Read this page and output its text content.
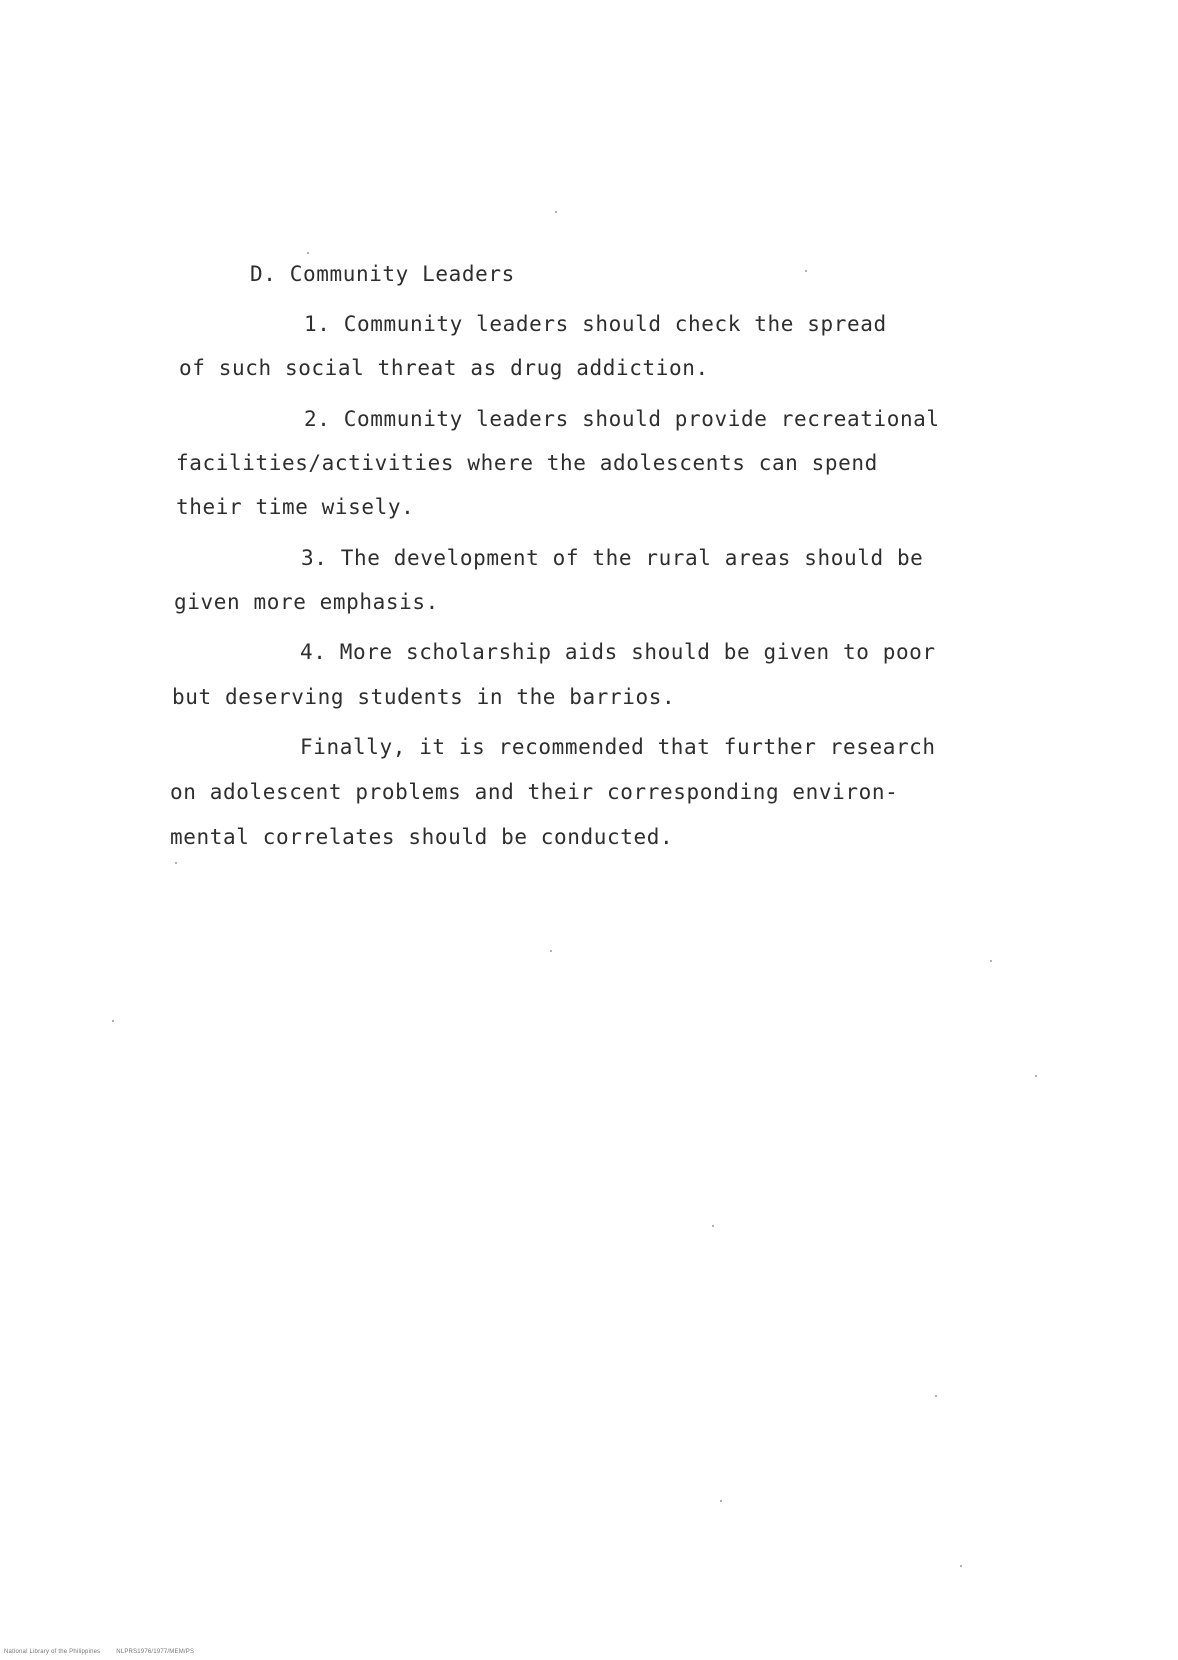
D. Community Leaders
1. Community leaders should check the spread
of such social threat as drug addiction.
2. Community leaders should provide recreational
facilities/activities where the adolescents can spend
their time wisely.
3. The development of the rural areas should be
given more emphasis.
4. More scholarship aids should be given to poor
but deserving students in the barrios.
Finally, it is recommended that further research
on adolescent problems and their corresponding environ-
mental correlates should be conducted.
National Library of the Philippines	NLPRS1976/1977/MEM/PS
